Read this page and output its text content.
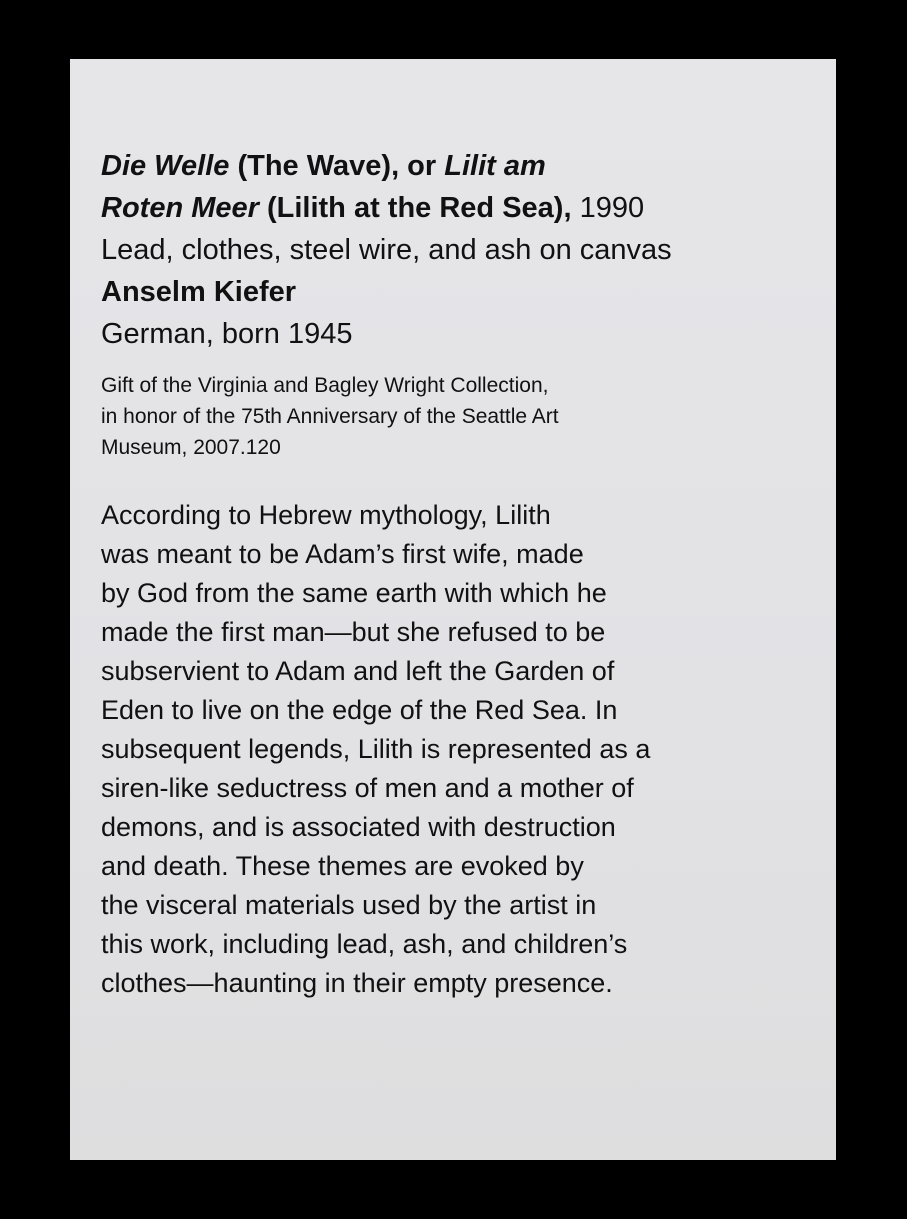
Die Welle (The Wave), or Lilit am

Roten Meer (Lilith at the Red Sea), 1990

Lead, clothes, steel wire, and ash on canvas

Anselm Kiefer

German, born 1945

Gift of the Virginia and Bagley Wright Collection,

in honor of the 75th Anniversary of the Seattle Art

Museum, 2007.120

According to Hebrew mythology, Lilith

was meant to be Adam’s first wife, made

by God from the same earth with which he

made the first man—but she refused to be

subservient to Adam and left the Garden of

Eden to live on the edge of the Red Sea. In

subsequent legends, Lilith is represented as a

siren-like seductress of men and a mother of

demons, and is associated with destruction

and death. These themes are evoked by

the visceral materials used by the artist in

this work, including lead, ash, and children’s

clothes—haunting in their empty presence.
